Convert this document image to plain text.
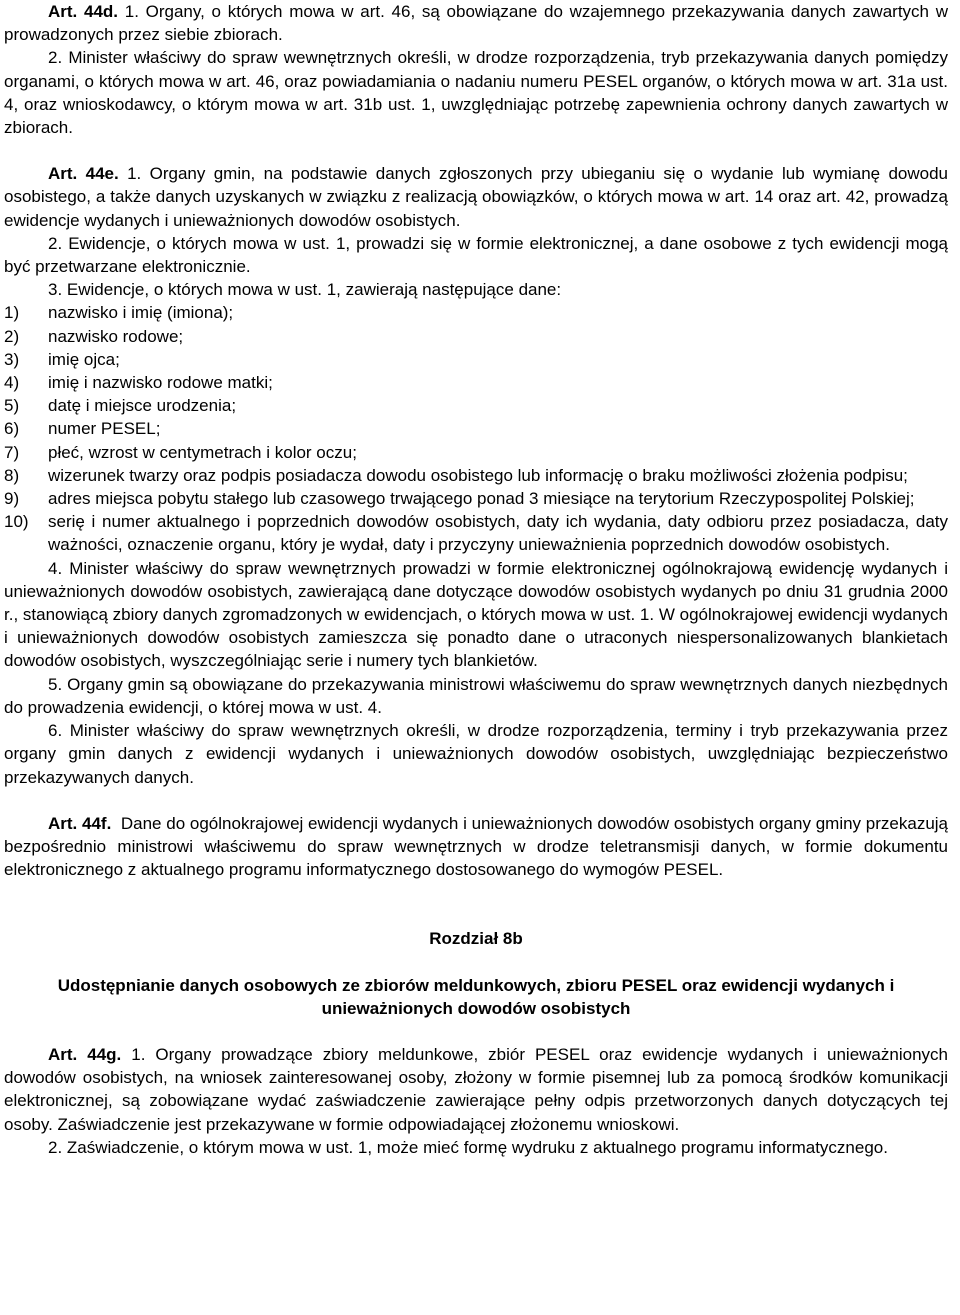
Art. 44d. 1. Organy, o których mowa w art. 46, są obowiązane do wzajemnego przekazywania danych zawartych w prowadzonych przez siebie zbiorach.

2. Minister właściwy do spraw wewnętrznych określi, w drodze rozporządzenia, tryb przekazywania danych pomiędzy organami, o których mowa w art. 46, oraz powiadamiania o nadaniu numeru PESEL organów, o których mowa w art. 31a ust. 4, oraz wnioskodawcy, o którym mowa w art. 31b ust. 1, uwzględniając potrzebę zapewnienia ochrony danych zawartych w zbiorach.

Art. 44e. 1. Organy gmin, na podstawie danych zgłoszonych przy ubieganiu się o wydanie lub wymianę dowodu osobistego, a także danych uzyskanych w związku z realizacją obowiązków, o których mowa w art. 14 oraz art. 42, prowadzą ewidencje wydanych i unieważnionych dowodów osobistych.

2. Ewidencje, o których mowa w ust. 1, prowadzi się w formie elektronicznej, a dane osobowe z tych ewidencji mogą być przetwarzane elektronicznie.

3. Ewidencje, o których mowa w ust. 1, zawierają następujące dane:

1)	nazwisko i imię (imiona);
2)	nazwisko rodowe;
3)	imię ojca;
4)	imię i nazwisko rodowe matki;
5)	datę i miejsce urodzenia;
6)	numer PESEL;
7)	płeć, wzrost w centymetrach i kolor oczu;
8)	wizerunek twarzy oraz podpis posiadacza dowodu osobistego lub informację o braku możliwości złożenia podpisu;
9)	adres miejsca pobytu stałego lub czasowego trwającego ponad 3 miesiące na terytorium Rzeczypospolitej Polskiej;
10)	serię i numer aktualnego i poprzednich dowodów osobistych, daty ich wydania, daty odbioru przez posiadacza, daty ważności, oznaczenie organu, który je wydał, daty i przyczyny unieważnienia poprzednich dowodów osobistych.

4. Minister właściwy do spraw wewnętrznych prowadzi w formie elektronicznej ogólnokrajową ewidencję wydanych i unieważnionych dowodów osobistych, zawierającą dane dotyczące dowodów osobistych wydanych po dniu 31 grudnia 2000 r., stanowiącą zbiory danych zgromadzonych w ewidencjach, o których mowa w ust. 1. W ogólnokrajowej ewidencji wydanych i unieważnionych dowodów osobistych zamieszcza się ponadto dane o utraconych niespersonalizowanych blankietach dowodów osobistych, wyszczególniając serie i numery tych blankietów.

5. Organy gmin są obowiązane do przekazywania ministrowi właściwemu do spraw wewnętrznych danych niezbędnych do prowadzenia ewidencji, o której mowa w ust. 4.

6. Minister właściwy do spraw wewnętrznych określi, w drodze rozporządzenia, terminy i tryb przekazywania przez organy gmin danych z ewidencji wydanych i unieważnionych dowodów osobistych, uwzględniając bezpieczeństwo przekazywanych danych.

Art. 44f. Dane do ogólnokrajowej ewidencji wydanych i unieważnionych dowodów osobistych organy gminy przekazują bezpośrednio ministrowi właściwemu do spraw wewnętrznych w drodze teletransmisji danych, w formie dokumentu elektronicznego z aktualnego programu informatycznego dostosowanego do wymogów PESEL.

Rozdział 8b

Udostępnianie danych osobowych ze zbiorów meldunkowych, zbioru PESEL oraz ewidencji wydanych i unieważnionych dowodów osobistych

Art. 44g. 1. Organy prowadzące zbiory meldunkowe, zbiór PESEL oraz ewidencje wydanych i unieważnionych dowodów osobistych, na wniosek zainteresowanej osoby, złożony w formie pisemnej lub za pomocą środków komunikacji elektronicznej, są zobowiązane wydać zaświadczenie zawierające pełny odpis przetworzonych danych dotyczących tej osoby. Zaświadczenie jest przekazywane w formie odpowiadającej złożonemu wnioskowi.

2. Zaświadczenie, o którym mowa w ust. 1, może mieć formę wydruku z aktualnego programu informatycznego.
